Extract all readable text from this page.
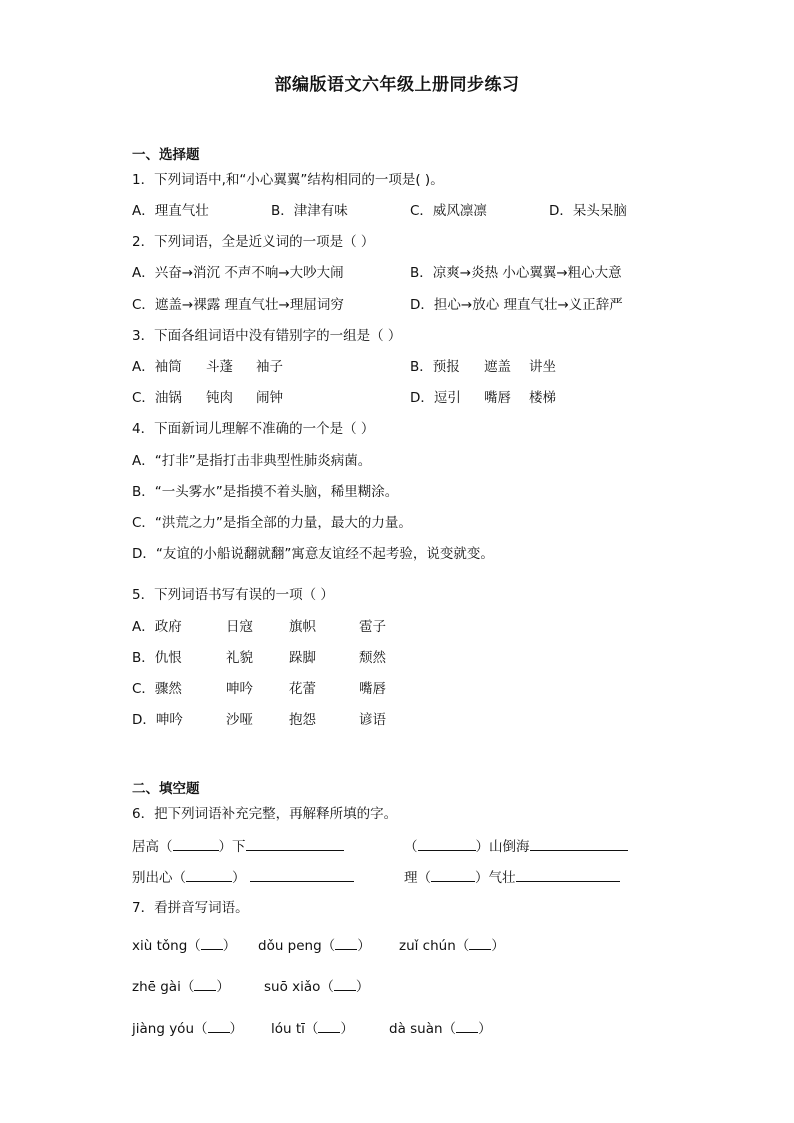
部编版语文六年级上册同步练习
一、选择题
1．下列词语中,和“小心翼翼”结构相同的一项是( )。
A．理直气壮	B．津津有味	C．威风凛凛	D．呆头呆脑
2．下列词语，全是近义词的一项是（ ）
A．兴奋→消沉 不声不响→大吵大闹	B．凉爽→炎热 小心翼翼→粗心大意
C．遮盖→裸露 理直气壮→理屈词穷	D．担心→放心 理直气壮→义正辞严
3．下面各组词语中没有错别字的一组是（ ）
A．袖筒 斗蓬 袖子	B．预报 遮盖 讲坐
C．油锅 钝肉 闹钟	D．逗引 嘴唇 楼梯
4．下面新词儿理解不准确的一个是（ ）
A．“打非”是指打击非典型性肺炎病菌。
B．“一头雾水”是指摸不着头脑，稀里糊涂。
C．“洪荒之力”是指全部的力量，最大的力量。
D．“友谊的小船说翻就翻”寓意友谊经不起考验，说变就变。
5．下列词语书写有误的一项（ ）
A．政府	日寇	旗帜	雹子
B．仇恨	礼貌	跺脚	颓然
C．骤然	呻吟	花蕾	嘴唇
D．呻吟	沙哑	抱怨	谚语
二、填空题
6．把下列词语补充完整，再解释所填的字。
居高（	）下	（	）山倒海
别出心（	）	理（	）气壮
7．看拼音写词语。
xiù tǒng（ ） dǒu peng（ ） zuǐ chún（ ）
zhē gài（ ）	suō xiǎo（ ）
jiàng yóu（ ） lóu tī（ ）	dà suàn（ ）
